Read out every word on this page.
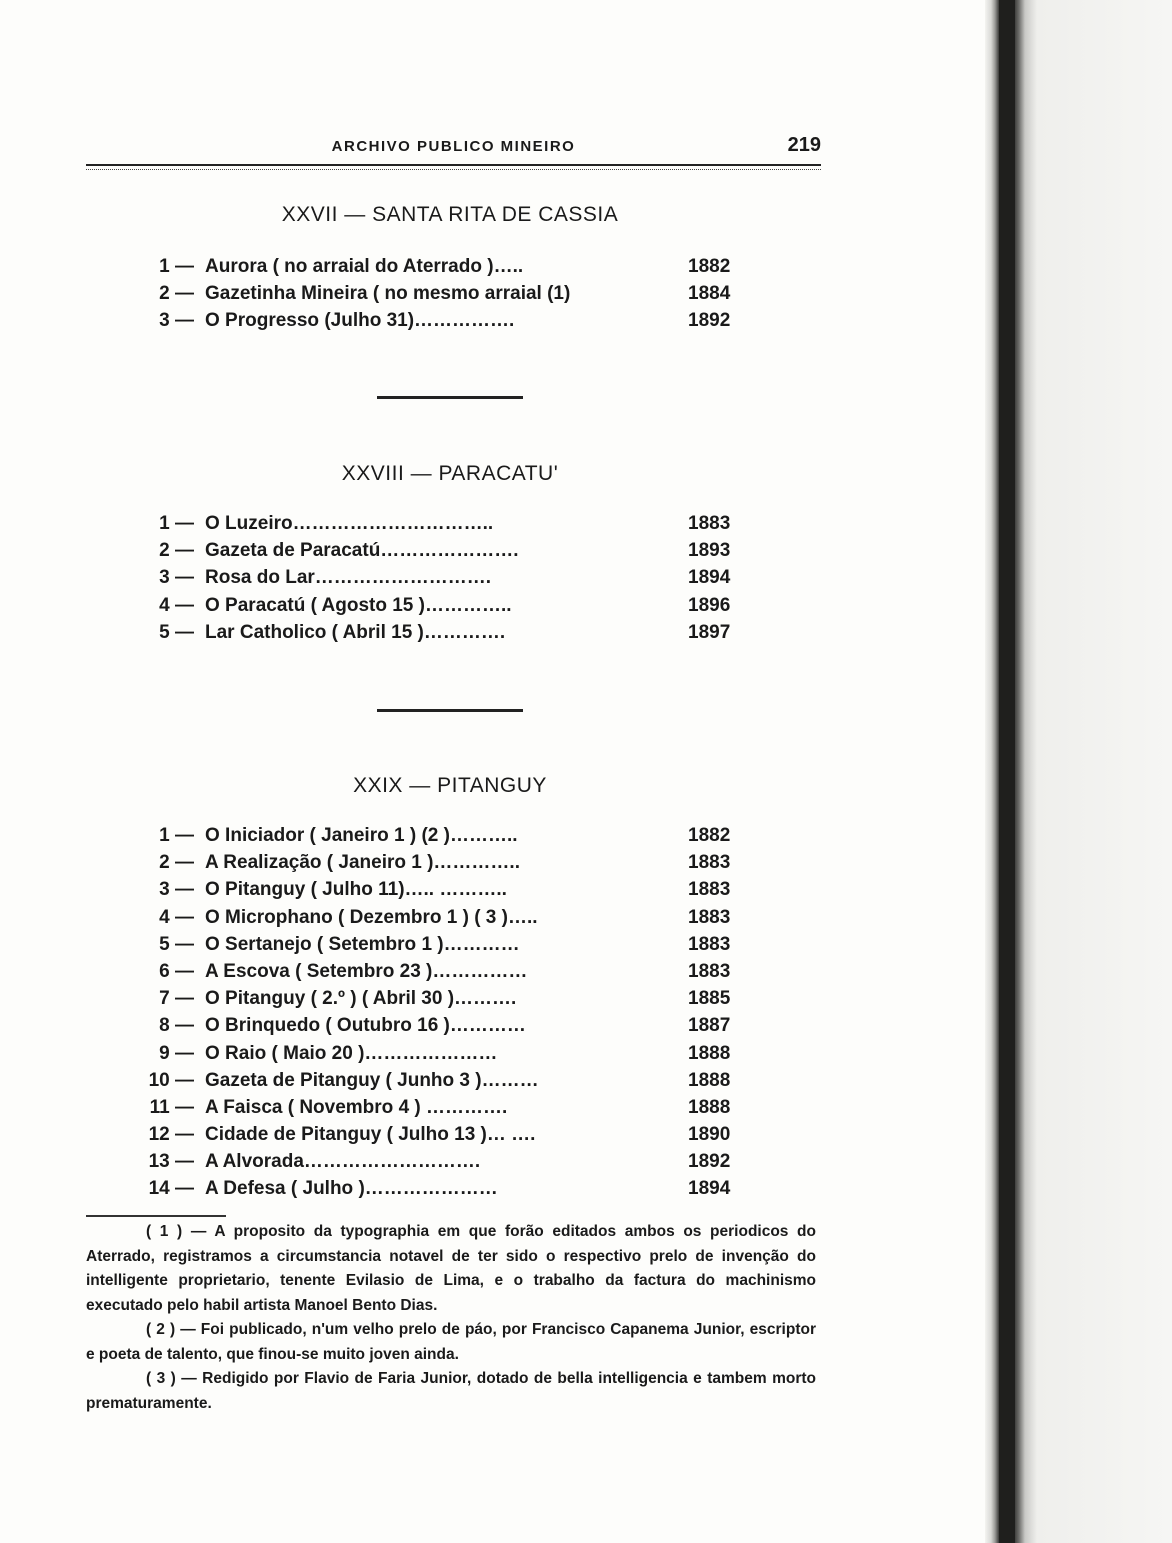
ARCHIVO PUBLICO MINEIRO	219
XXVII — SANTA RITA DE CASSIA
1 — Aurora ( no arraial do Aterrado )…..	1882
2 — Gazetinha Mineira ( no mesmo arraial (1)	1884
3 — O Progresso (Julho 31)…………….	1892
XXVIII — PARACATU'
1 — O Luzeiro…………………………..	1883
2 — Gazeta de Paracatú………………….	1893
3 — Rosa do Lar……………………….	1894
4 — O Paracatú ( Agosto 15 )…………..	1896
5 — Lar Catholico ( Abril 15 )………….	1897
XXIX — PITANGUY
1 — O Iniciador ( Janeiro 1 ) (2 )………..	1882
2 — A Realização ( Janeiro 1 )…………..	1883
3 — O Pitanguy ( Julho 11)….. ………..	1883
4 — O Microphano ( Dezembro 1 ) ( 3 )…..	1883
5 — O Sertanejo ( Setembro 1 )…………	1883
6 — A Escova ( Setembro 23 )……………	1883
7 — O Pitanguy ( 2.º ) ( Abril 30 )……….	1885
8 — O Brinquedo ( Outubro 16 )…………	1887
9 — O Raio ( Maio 20 )…………………	1888
10 — Gazeta de Pitanguy ( Junho 3 )………	1888
11 — A Faisca ( Novembro 4 ) ………….	1888
12 — Cidade de Pitanguy ( Julho 13 )… ….	1890
13 — A Alvorada……………………….	1892
14 — A Defesa ( Julho )…………………	1894

( 1 ) — A proposito da typographia em que forão editados ambos os periodicos do Aterrado, registramos a circumstancia notavel de ter sido o respectivo prelo de invenção do intelligente proprietario, tenente Evilasio de Lima, e o trabalho da factura do machinismo executado pelo habil artista Manoel Bento Dias.

( 2 ) — Foi publicado, n'um velho prelo de páo, por Francisco Capanema Junior, escriptor e poeta de talento, que finou-se muito joven ainda.

( 3 ) — Redigido por Flavio de Faria Junior, dotado de bella intelligencia e tambem morto prematuramente.
